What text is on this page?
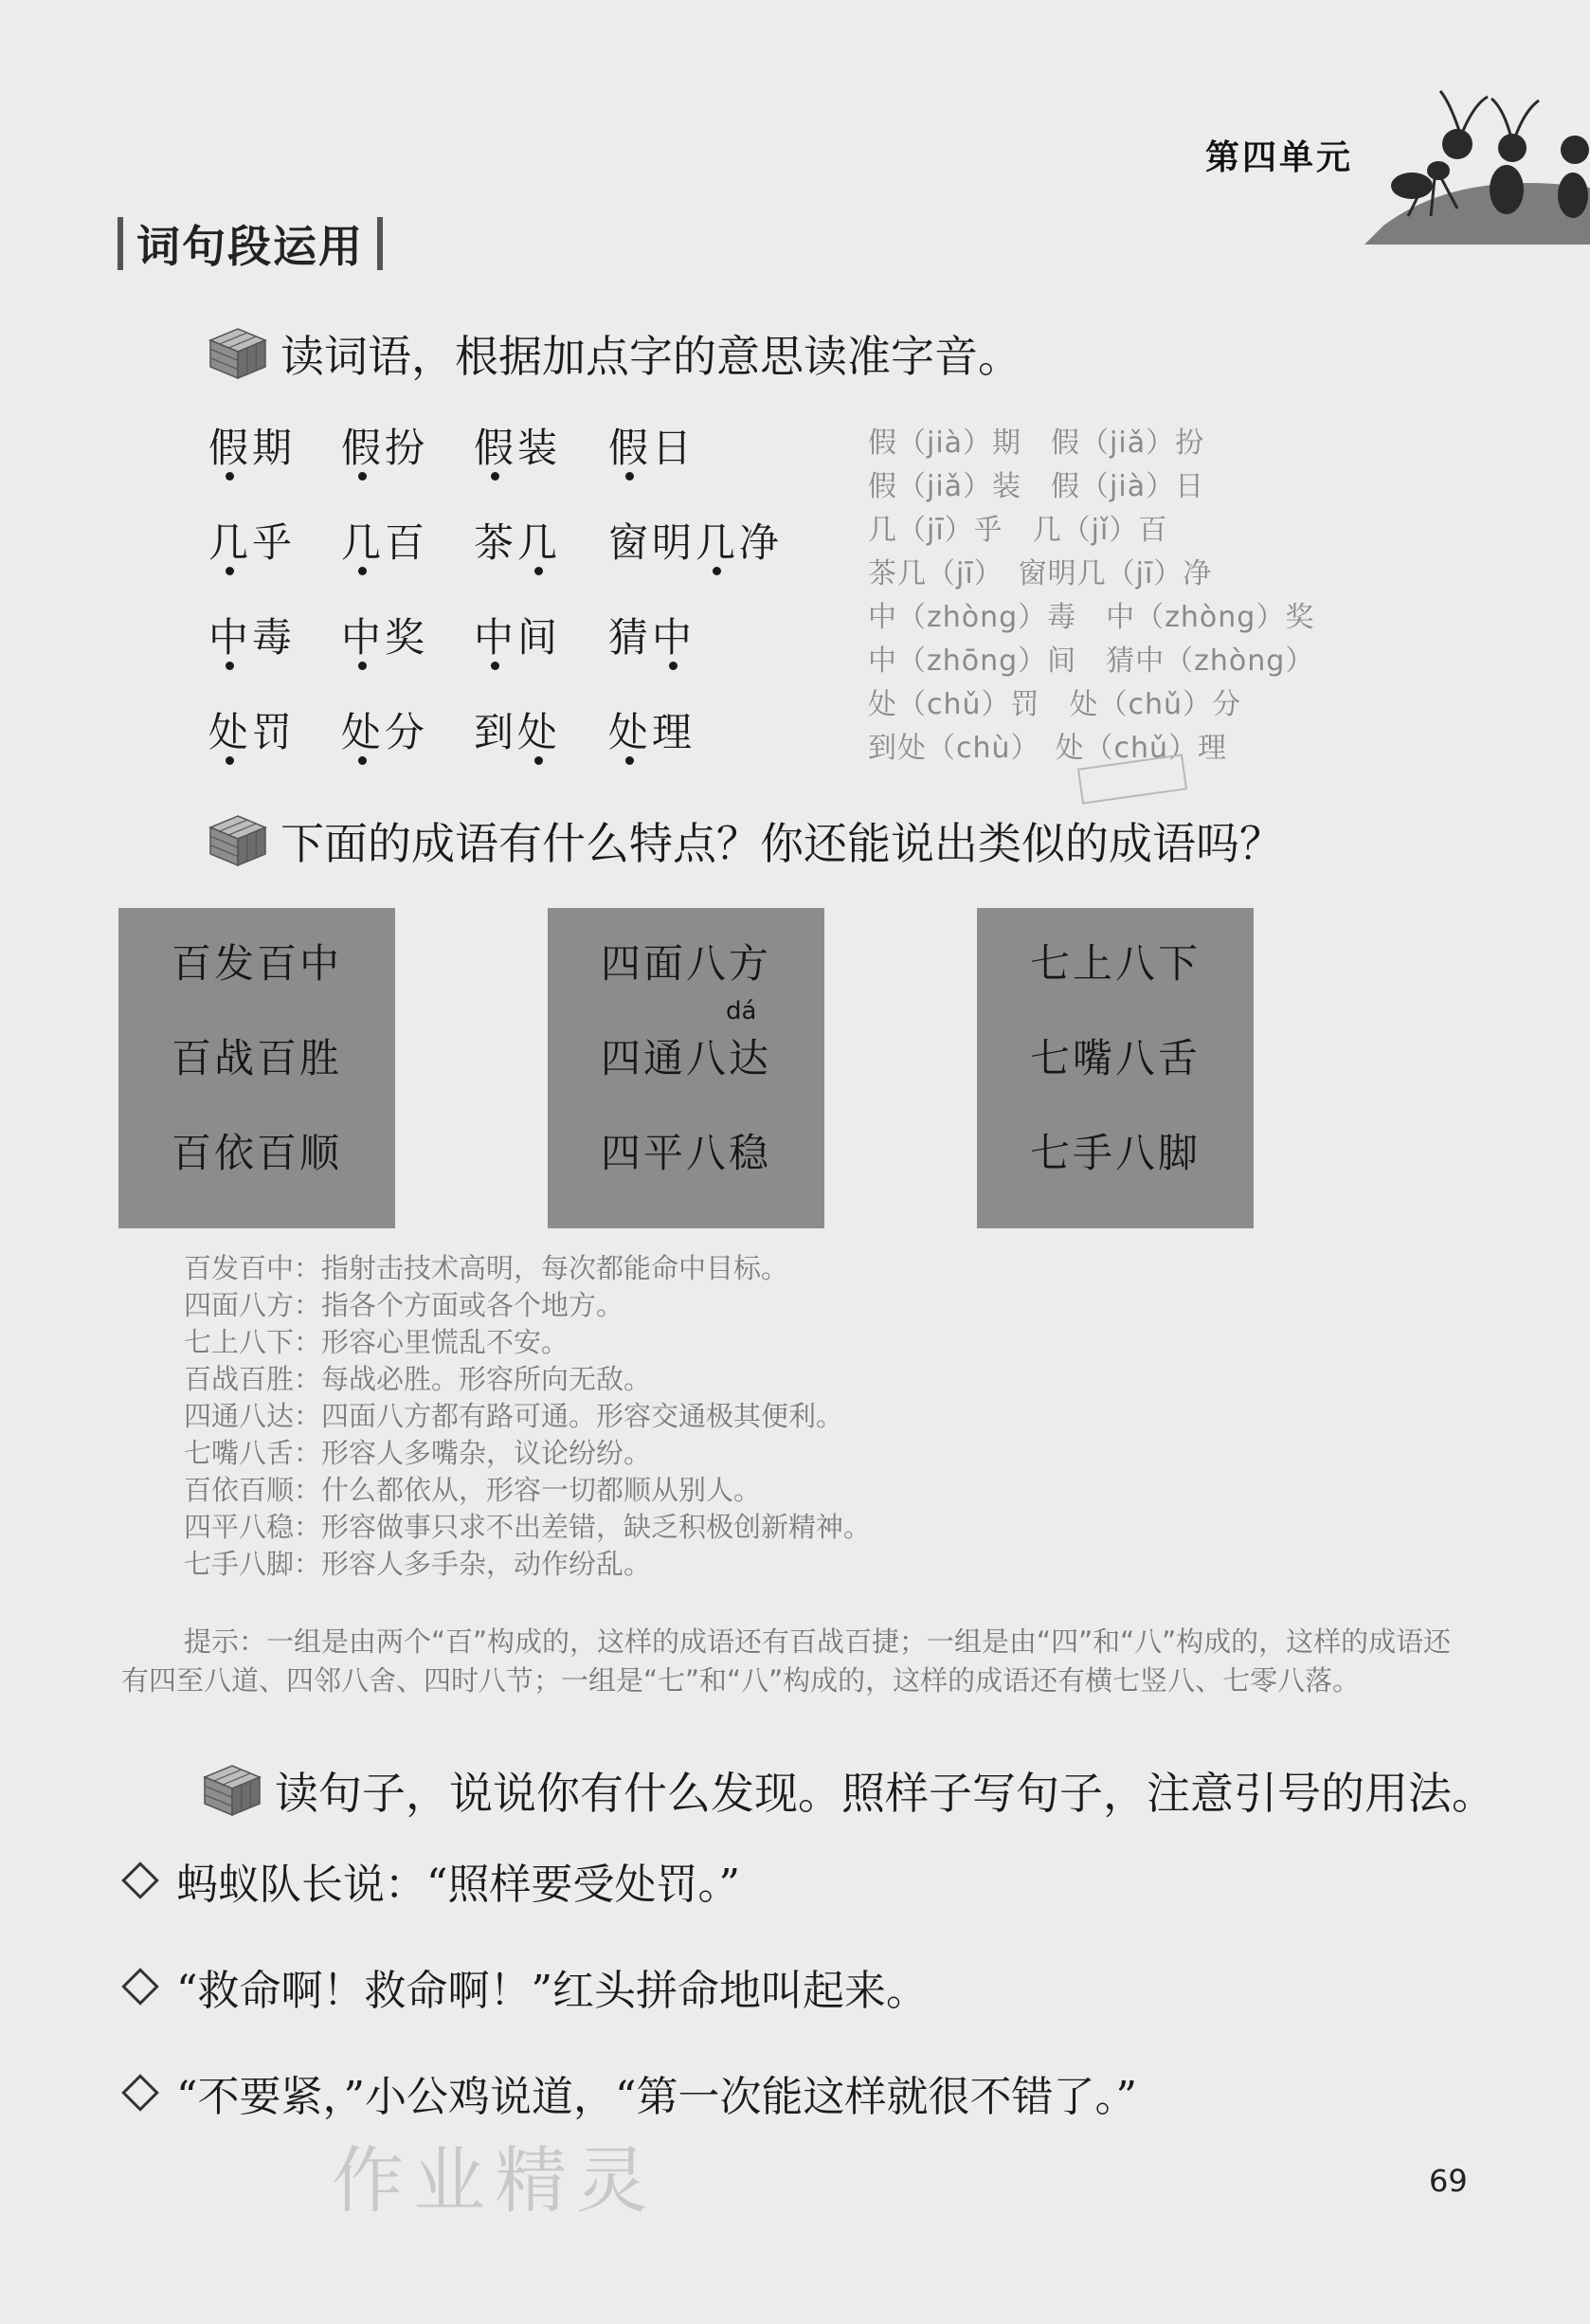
第四单元
词句段运用
读词语，根据加点字的意思读准字音。
假期 假扮 假装 假日
几乎 几百 茶几 窗明几净
中毒 中奖 中间 猜中
处罚 处分 到处 处理
假（jià）期　假（jiǎ）扮
假（jiǎ）装　假（jià）日
几（jī）乎　几（jǐ）百
茶几（jī）　窗明几（jī）净
中（zhòng）毒　中（zhòng）奖
中（zhōng）间　猜中（zhòng）
处（chǔ）罚　处（chǔ）分
到处（chù）　处（chǔ）理
下面的成语有什么特点？你还能说出类似的成语吗？
百发百中
百战百胜
百依百顺
四面八方
四通八达
四平八稳
dá
七上八下
七嘴八舌
七手八脚
百发百中：指射击技术高明，每次都能命中目标。
四面八方：指各个方面或各个地方。
七上八下：形容心里慌乱不安。
百战百胜：每战必胜。形容所向无敌。
四通八达：四面八方都有路可通。形容交通极其便利。
七嘴八舌：形容人多嘴杂，议论纷纷。
百依百顺：什么都依从，形容一切都顺从别人。
四平八稳：形容做事只求不出差错，缺乏积极创新精神。
七手八脚：形容人多手杂，动作纷乱。
提示：一组是由两个“百”构成的，这样的成语还有百战百捷；一组是由“四”和“八”构成的，这样的成语还有四至八道、四邻八舍、四时八节；一组是“七”和“八”构成的，这样的成语还有横七竖八、七零八落。
读句子，说说你有什么发现。照样子写句子，注意引号的用法。
蚂蚁队长说：“照样要受处罚。”
“救命啊！救命啊！”红头拼命地叫起来。
“不要紧，”小公鸡说道，“第一次能这样就很不错了。”
作业精灵	69
